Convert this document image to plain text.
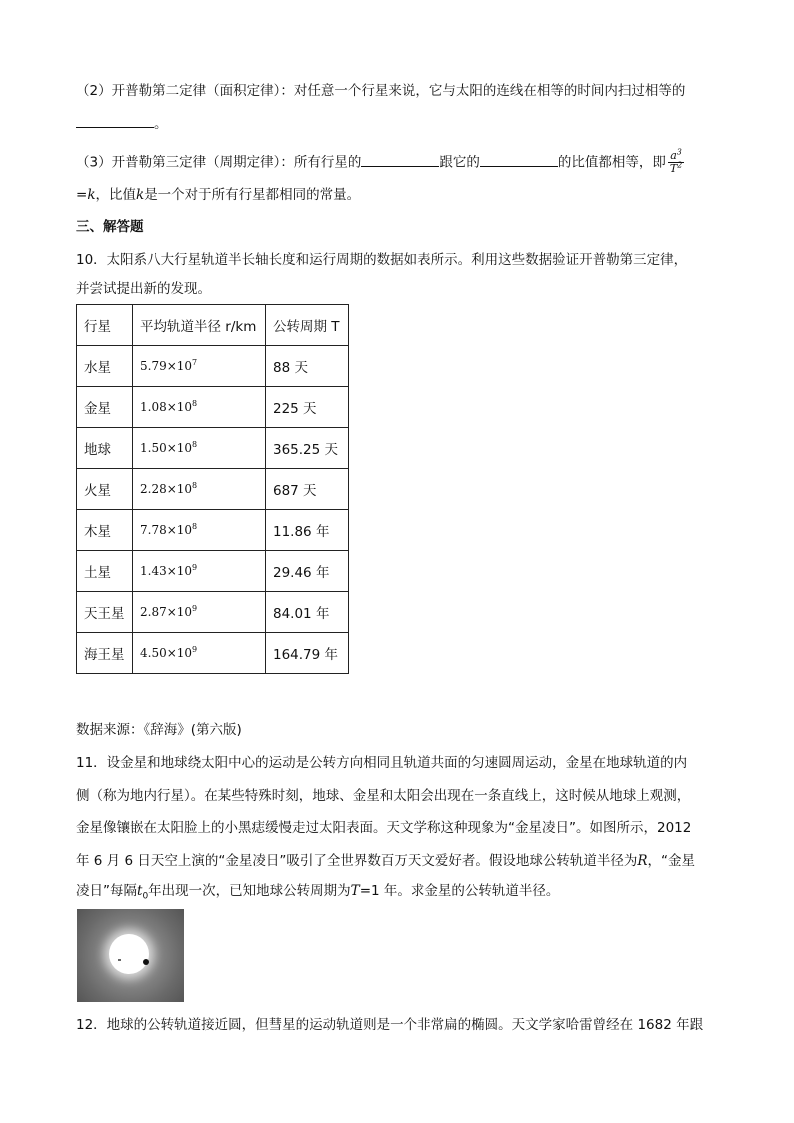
（2）开普勒第二定律（面积定律）：对任意一个行星来说，它与太阳的连线在相等的时间内扫过相等的
。
（3）开普勒第三定律（周期定律）：所有行星的	跟它的	的比值都相等，即 $\frac{a^3}{T^2}$
=k，比值k是一个对于所有行星都相同的常量。
三、解答题
10．太阳系八大行星轨道半长轴长度和运行周期的数据如表所示。利用这些数据验证开普勒第三定律，
并尝试提出新的发现。
行星	平均轨道半径 r/km	公转周期 T
水星	$5.79\times 10^7$	88 天
金星	$1.08\times 10^8$	225 天
地球	$1.50\times 10^8$	365.25 天
火星	$2.28\times 10^8$	687 天
木星	$7.78\times 10^8$	11.86 年
土星	$1.43\times 10^9$	29.46 年
天王星	$2.87\times 10^9$	84.01 年
海王星	$4.50\times 10^9$	164.79 年
数据来源：《辞海》(第六版)
11．设金星和地球绕太阳中心的运动是公转方向相同且轨道共面的匀速圆周运动，金星在地球轨道的内
侧（称为地内行星）。在某些特殊时刻，地球、金星和太阳会出现在一条直线上，这时候从地球上观测，
金星像镶嵌在太阳脸上的小黑痣缓慢走过太阳表面。天文学称这种现象为“金星凌日”。如图所示，2012
年 6 月 6 日天空上演的“金星凌日”吸引了全世界数百万天文爱好者。假设地球公转轨道半径为R，“金星
凌日”每隔$t_0$年出现一次，已知地球公转周期为T=1 年。求金星的公转轨道半径。
12．地球的公转轨道接近圆，但彗星的运动轨道则是一个非常扁的椭圆。天文学家哈雷曾经在 1682 年跟
